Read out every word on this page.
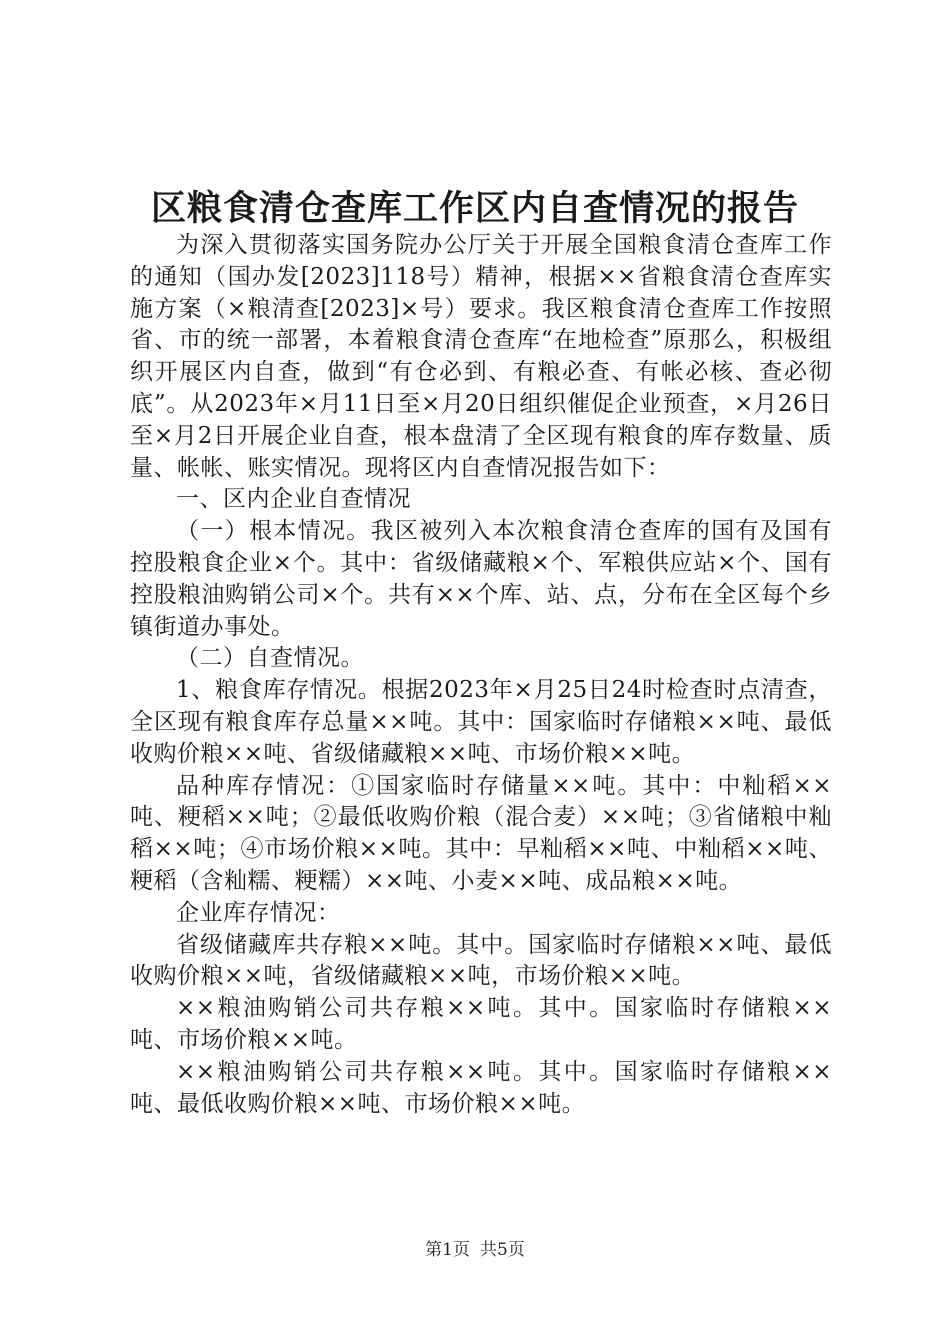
区粮食清仓查库工作区内自查情况的报告

为深入贯彻落实国务院办公厅关于开展全国粮食清仓查库工作的通知（国办发[2023]118号）精神，根据××省粮食清仓查库实施方案（×粮清查[2023]×号）要求。我区粮食清仓查库工作按照省、市的统一部署，本着粮食清仓查库“在地检查”原那么，积极组织开展区内自查，做到“有仓必到、有粮必查、有帐必核、查必彻底”。从2023年×月11日至×月20日组织催促企业预查，×月26日至×月2日开展企业自查，根本盘清了全区现有粮食的库存数量、质量、帐帐、账实情况。现将区内自查情况报告如下：

一、区内企业自查情况

（一）根本情况。我区被列入本次粮食清仓查库的国有及国有控股粮食企业×个。其中：省级储藏粮×个、军粮供应站×个、国有控股粮油购销公司×个。共有××个库、站、点，分布在全区每个乡镇街道办事处。

（二）自查情况。

1、粮食库存情况。根据2023年×月25日24时检查时点清查，全区现有粮食库存总量××吨。其中：国家临时存储粮××吨、最低收购价粮××吨、省级储藏粮××吨、市场价粮××吨。

品种库存情况：①国家临时存储量××吨。其中：中籼稻××吨、粳稻××吨；②最低收购价粮（混合麦）××吨；③省储粮中籼稻××吨；④市场价粮××吨。其中：早籼稻××吨、中籼稻××吨、粳稻（含籼糯、粳糯）××吨、小麦××吨、成品粮××吨。

企业库存情况：

省级储藏库共存粮××吨。其中。国家临时存储粮××吨、最低收购价粮××吨，省级储藏粮××吨，市场价粮××吨。

××粮油购销公司共存粮××吨。其中。国家临时存储粮××吨、市场价粮××吨。

××粮油购销公司共存粮××吨。其中。国家临时存储粮××吨、最低收购价粮××吨、市场价粮××吨。

第1页 共5页
